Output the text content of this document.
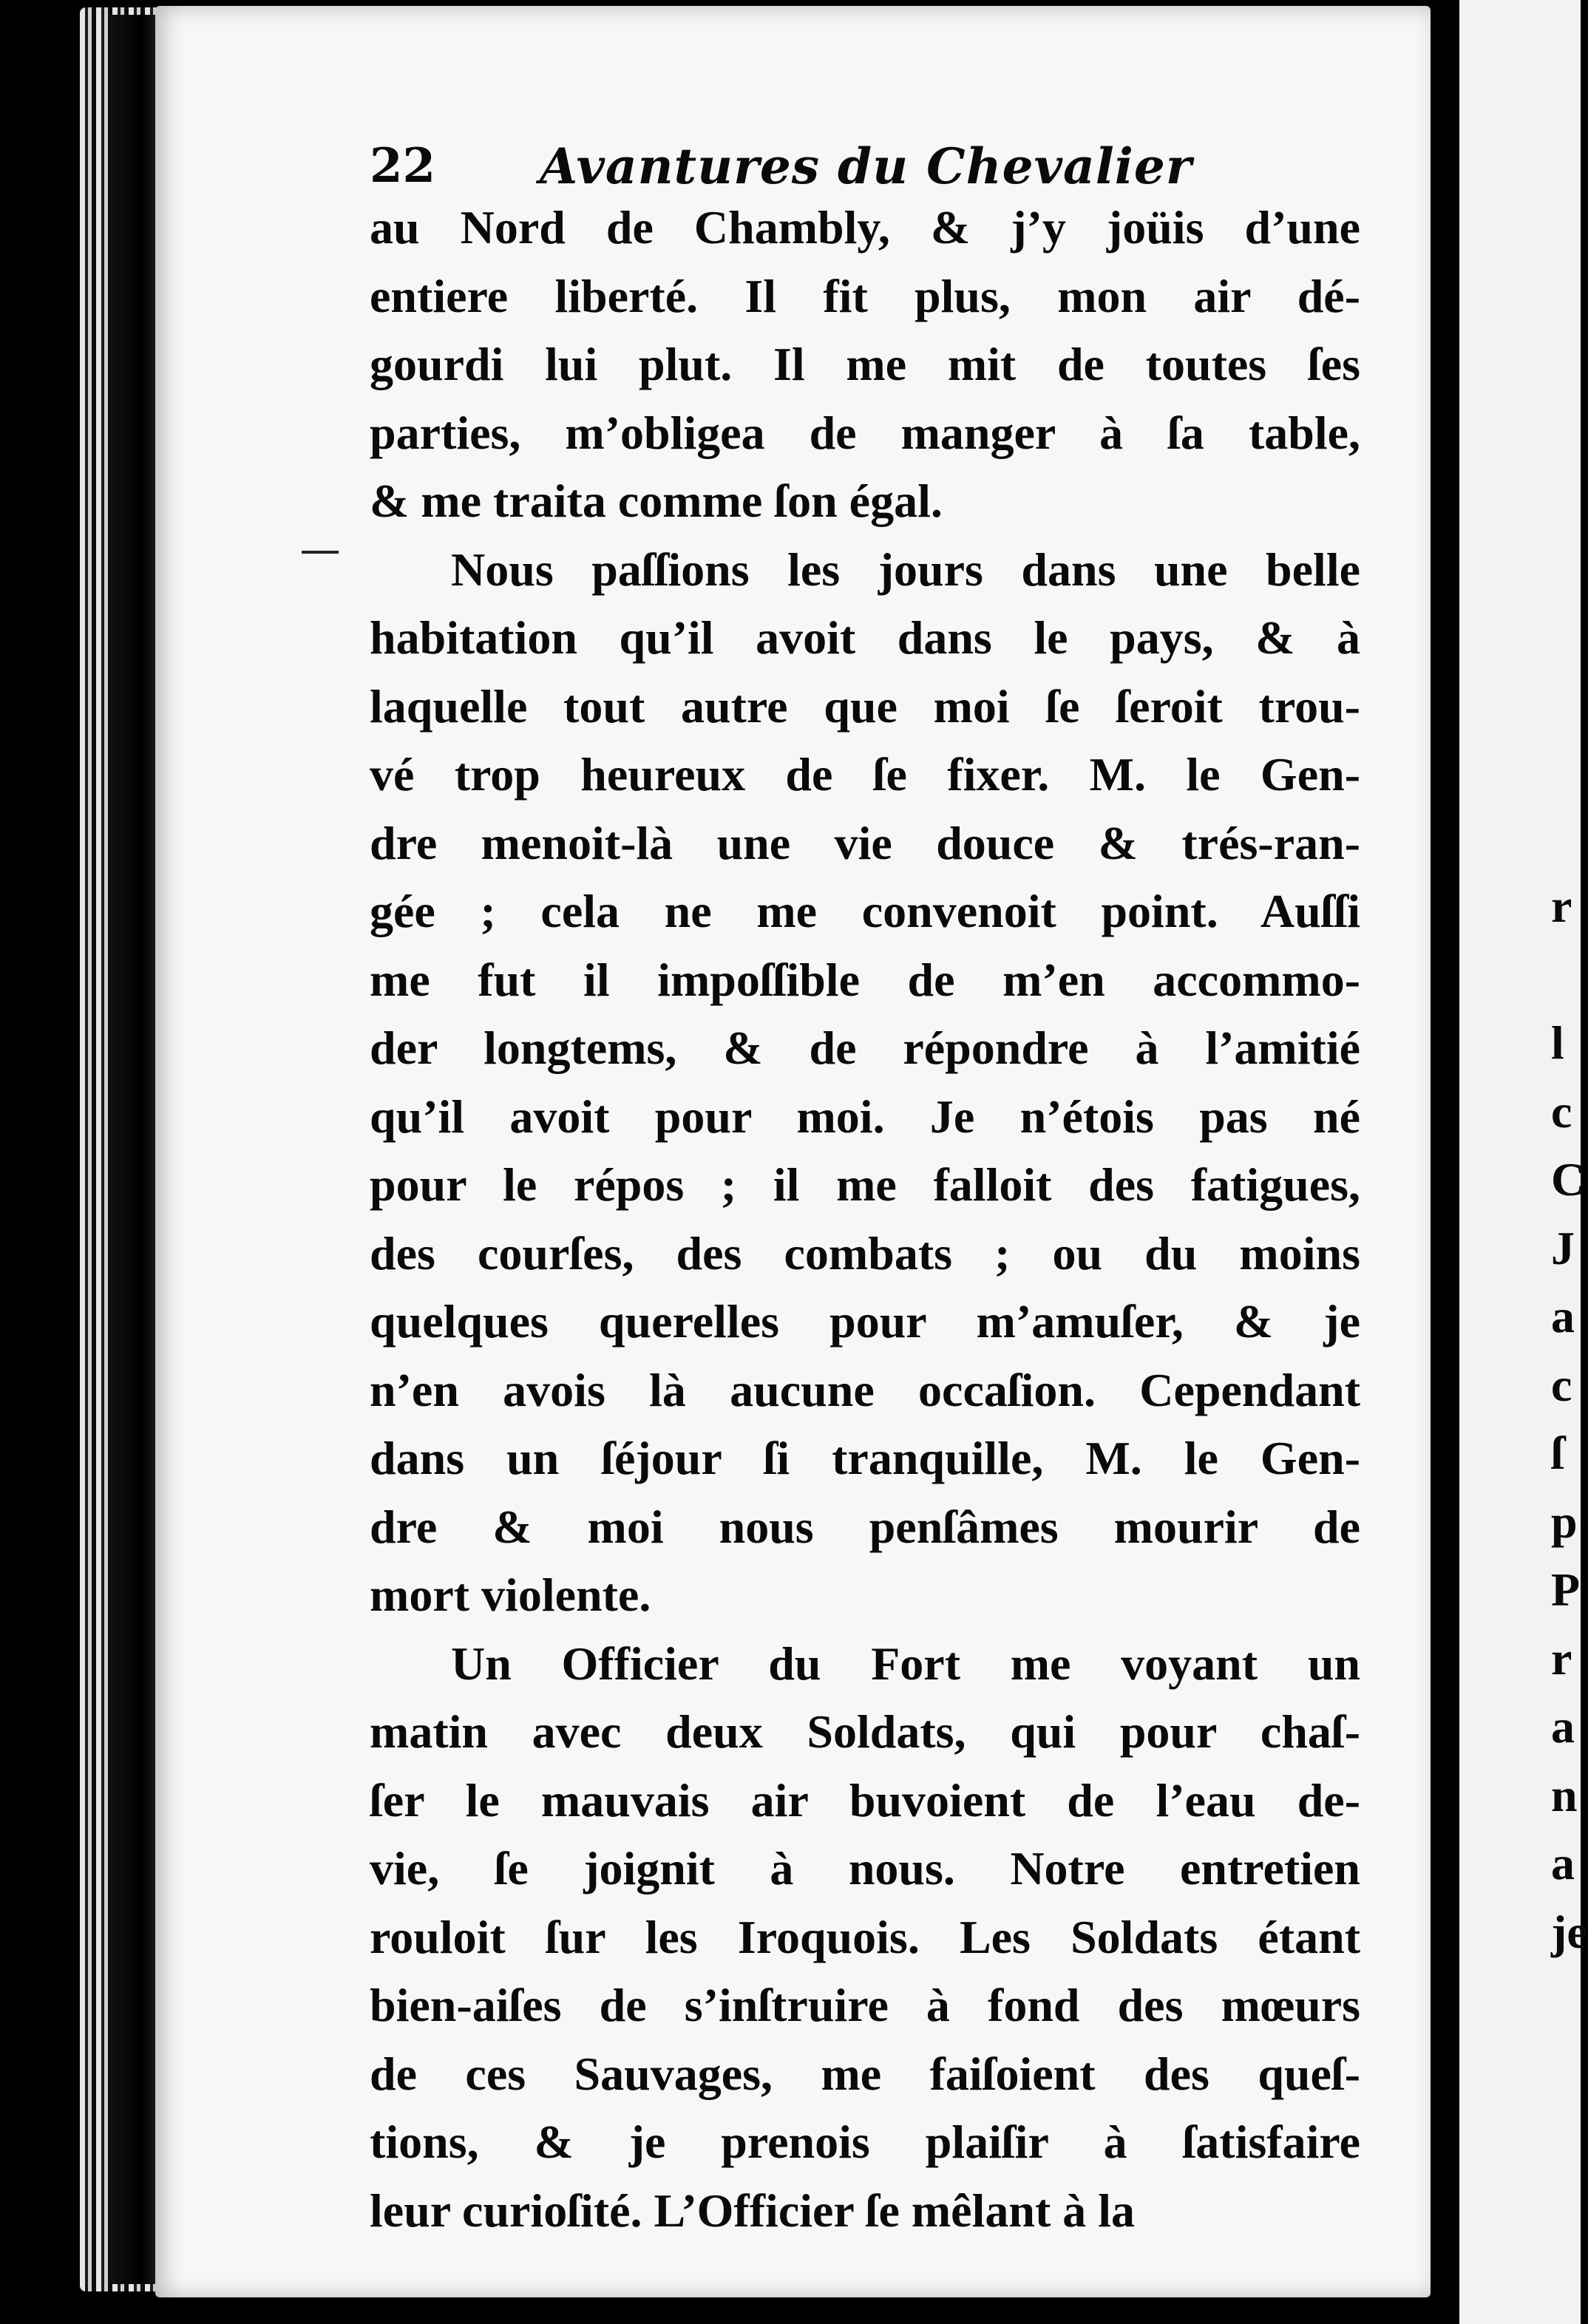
r
l
c
C
J
a
c
ſ
p
P
r
a
n
a
je
22 Avantures du Chevalier
au Nord de Chambly, & j’y joüis d’une
entiere liberté. Il fit plus, mon air dé-
gourdi lui plut. Il me mit de toutes ſes
parties, m’obligea de manger à ſa table,
& me traita comme ſon égal.
Nous paſſions les jours dans une belle
habitation qu’il avoit dans le pays, & à
laquelle tout autre que moi ſe ſeroit trou-
vé trop heureux de ſe fixer. M. le Gen-
dre menoit-là une vie douce & trés-ran-
gée ; cela ne me convenoit point. Auſſi
me fut il impoſſible de m’en accommo-
der longtems, & de répondre à l’amitié
qu’il avoit pour moi. Je n’étois pas né
pour le répos ; il me falloit des fatigues,
des courſes, des combats ; ou du moins
quelques querelles pour m’amuſer, & je
n’en avois là aucune occaſion. Cependant
dans un ſéjour ſi tranquille, M. le Gen-
dre & moi nous penſâmes mourir de
mort violente.
Un Officier du Fort me voyant un
matin avec deux Soldats, qui pour chaſ-
ſer le mauvais air buvoient de l’eau de-
vie, ſe joignit à nous. Notre entretien
rouloit ſur les Iroquois. Les Soldats étant
bien-aiſes de s’inſtruire à fond des mœurs
de ces Sauvages, me faiſoient des queſ-
tions, & je prenois plaiſir à ſatisfaire
leur curioſité. L’Officier ſe mêlant à la
